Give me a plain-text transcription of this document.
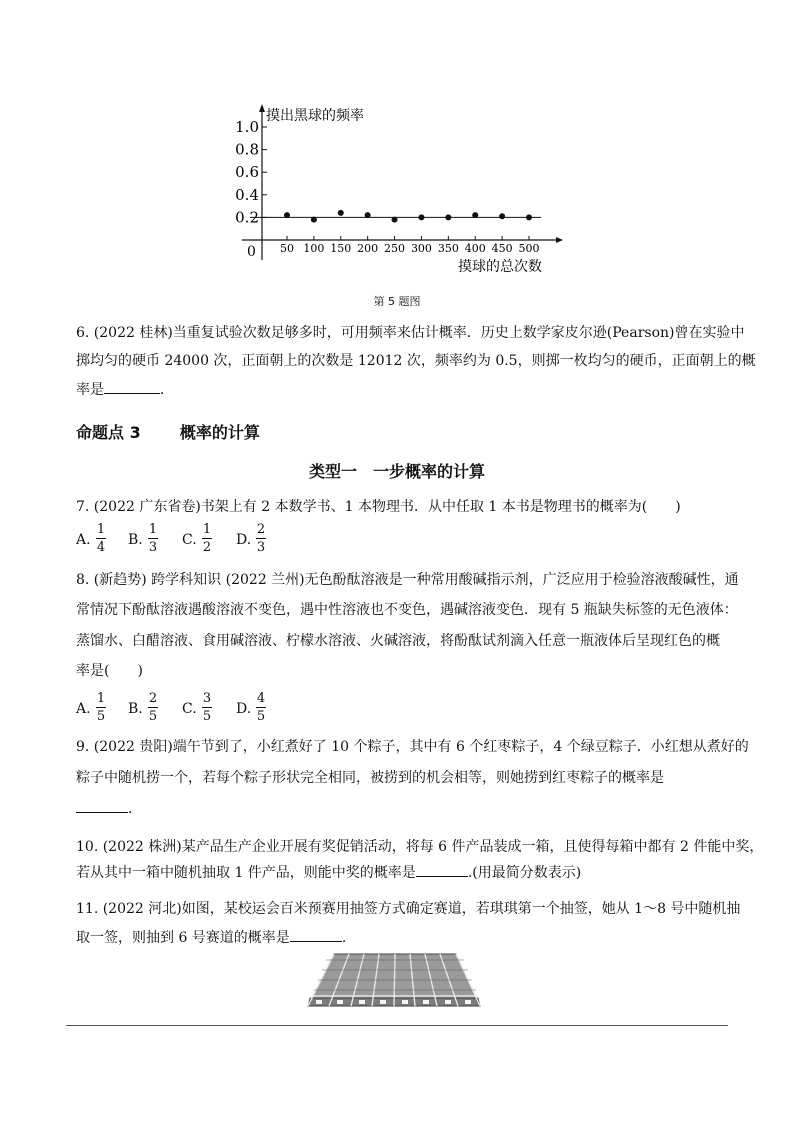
0.2
0.4
0.6
0.8
1.0
50 100 150 200 250 300 350 400 450 500
摸出黑球的频率
摸球的总次数
0
第 5 题图
6. (2022 桂林)当重复试验次数足够多时，可用频率来估计概率．历史上数学家皮尔逊(Pearson)曾在实验中
掷均匀的硬币 24000 次，正面朝上的次数是 12012 次，频率约为 0.5，则掷一枚均匀的硬币，正面朝上的概
率是	．
命题点 3 概率的计算
类型一　一步概率的计算
7. (2022 广东省卷)书架上有 2 本数学书、1 本物理书．从中任取 1 本书是物理书的概率为(　　)
A.
1
4 B.
1
3 C.
1
2 D.
2
3
8. (新趋势) 跨学科知识 (2022 兰州)无色酚酞溶液是一种常用酸碱指示剂，广泛应用于检验溶液酸碱性，通
常情况下酚酞溶液遇酸溶液不变色，遇中性溶液也不变色，遇碱溶液变色．现有 5 瓶缺失标签的无色液体：
蒸馏水、白醋溶液、食用碱溶液、柠檬水溶液、火碱溶液，将酚酞试剂滴入任意一瓶液体后呈现红色的概
率是(　　)
A.
1
5 B.
2
5 C.
3
5 D.
4
5
9. (2022 贵阳)端午节到了，小红煮好了 10 个粽子，其中有 6 个红枣粽子，4 个绿豆粽子．小红想从煮好的
粽子中随机捞一个，若每个粽子形状完全相同，被捞到的机会相等，则她捞到红枣粽子的概率是
．
10. (2022 株洲)某产品生产企业开展有奖促销活动，将每 6 件产品装成一箱，且使得每箱中都有 2 件能中奖，
若从其中一箱中随机抽取 1 件产品，则能中奖的概率是	.(用最简分数表示)
11. (2022 河北)如图，某校运会百米预赛用抽签方式确定赛道，若琪琪第一个抽签，她从 1～8 号中随机抽
取一签，则抽到 6 号赛道的概率是	.
